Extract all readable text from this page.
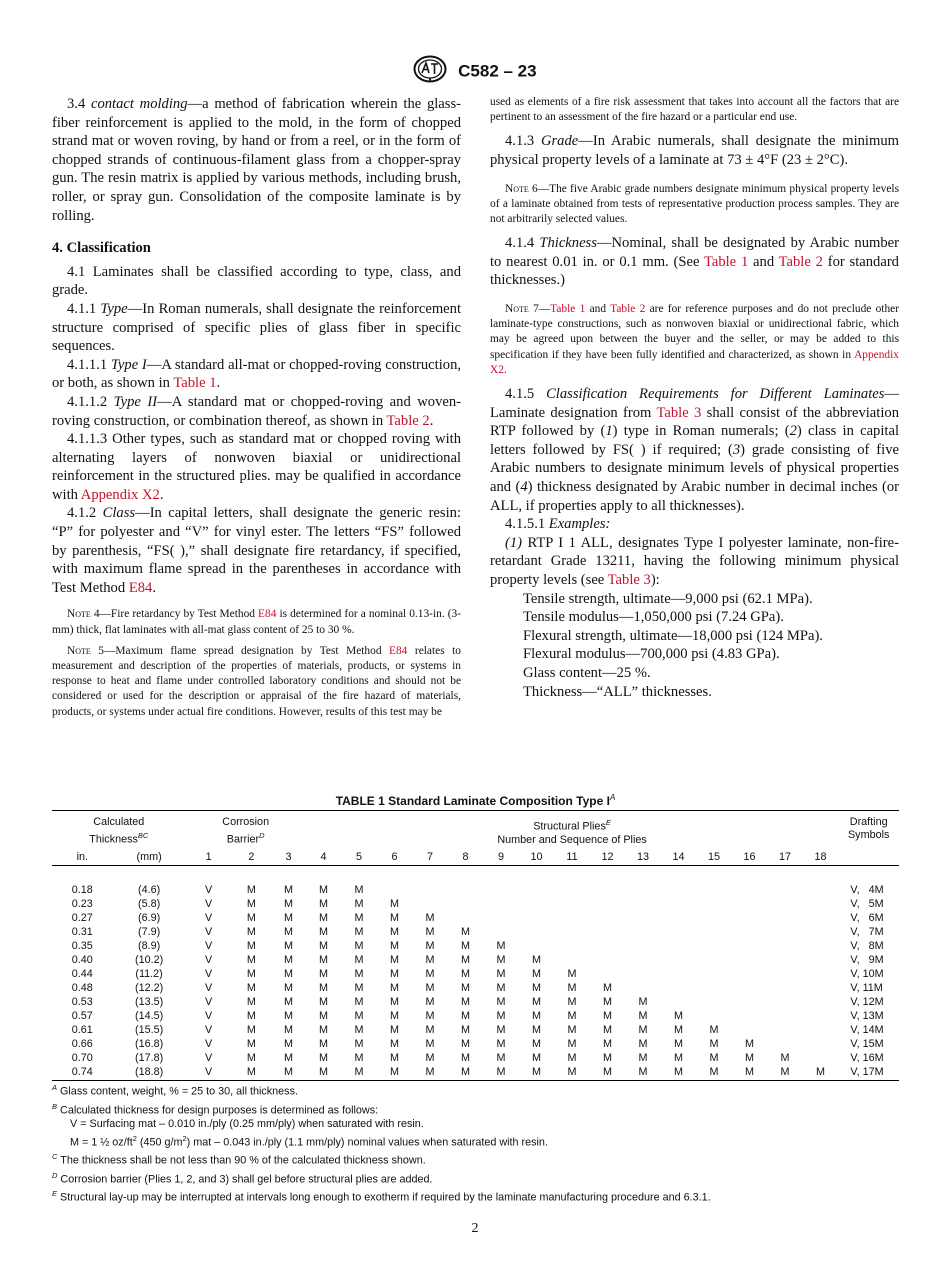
C582 – 23

3.4 contact molding—a method of fabrication wherein the glass-fiber reinforcement is applied to the mold, in the form of chopped strand mat or woven roving, by hand or from a reel, or in the form of chopped strands of continuous-filament glass from a chopper-spray gun. The resin matrix is applied by various methods, including brush, roller, or spray gun. Consolidation of the composite laminate is by rolling.

4. Classification

4.1 Laminates shall be classified according to type, class, and grade.

4.1.1 Type—In Roman numerals, shall designate the reinforcement structure comprised of specific plies of glass fiber in specific sequences.

4.1.1.1 Type I—A standard all-mat or chopped-roving construction, or both, as shown in Table 1.

4.1.1.2 Type II—A standard mat or chopped-roving and woven-roving construction, or combination thereof, as shown in Table 2.

4.1.1.3 Other types, such as standard mat or chopped roving with alternating layers of nonwoven biaxial or unidirectional reinforcement in the structured plies. may be qualified in accordance with Appendix X2.

4.1.2 Class—In capital letters, shall designate the generic resin: “P” for polyester and “V” for vinyl ester. The letters “FS” followed by parenthesis, “FS( ),” shall designate fire retardancy, if specified, with maximum flame spread in the parentheses in accordance with Test Method E84.

Note 4—Fire retardancy by Test Method E84 is determined for a nominal 0.13-in. (3-mm) thick, flat laminates with all-mat glass content of 25 to 30 %.

Note 5—Maximum flame spread designation by Test Method E84 relates to measurement and description of the properties of materials, products, or systems in response to heat and flame under controlled laboratory conditions and should not be considered or used for the description or appraisal of the fire hazard of materials, products, or systems under actual fire conditions. However, results of this test may be

used as elements of a fire risk assessment that takes into account all the factors that are pertinent to an assessment of the fire hazard or a particular end use.

4.1.3 Grade—In Arabic numerals, shall designate the minimum physical property levels of a laminate at 73 ± 4°F (23 ± 2°C).

Note 6—The five Arabic grade numbers designate minimum physical property levels of a laminate obtained from tests of representative production process samples. They are not arbitrarily selected values.

4.1.4 Thickness—Nominal, shall be designated by Arabic number to nearest 0.01 in. or 0.1 mm. (See Table 1 and Table 2 for standard thicknesses.)

Note 7—Table 1 and Table 2 are for reference purposes and do not preclude other laminate-type constructions, such as nonwoven biaxial or unidirectional fabric, which may be agreed upon between the buyer and the seller, or may be added to this specification if they have been fully identified and characterized, as shown in Appendix X2.

4.1.5 Classification Requirements for Different Laminates—Laminate designation from Table 3 shall consist of the abbreviation RTP followed by (1) type in Roman numerals; (2) class in capital letters followed by FS( ) if required; (3) grade consisting of five Arabic numbers to designate minimum levels of physical properties and (4) thickness designated by Arabic number in decimal inches (or ALL, if properties apply to all thicknesses).

4.1.5.1 Examples:

(1) RTP I 1 ALL, designates Type I polyester laminate, non-fire-retardant Grade 13211, having the following minimum physical property levels (see Table 3):

Tensile strength, ultimate—9,000 psi (62.1 MPa).

Tensile modulus—1,050,000 psi (7.24 GPa).

Flexural strength, ultimate—18,000 psi (124 MPa).

Flexural modulus—700,000 psi (4.83 GPa).

Glass content—25 %.

Thickness—“ALL” thicknesses.

TABLE 1 Standard Laminate Composition Type $I^A$
Calculated
Thickness$^{BC}$		Corrosion
Barrier$^D$			Structural Plies$^E$
Number and Sequence of Plies															Drafting
Symbols
in.	(mm)	1	2	3	4	5	6	7	8	9	10	11	12	13	14	15	16	17	18	

0.18	(4.6)	V	M	M	M	M														V,   4M
0.23	(5.8)	V	M	M	M	M	M													V,   5M
0.27	(6.9)	V	M	M	M	M	M	M												V,   6M
0.31	(7.9)	V	M	M	M	M	M	M	M											V,   7M
0.35	(8.9)	V	M	M	M	M	M	M	M	M										V,   8M
0.40	(10.2)	V	M	M	M	M	M	M	M	M	M									V,   9M
0.44	(11.2)	V	M	M	M	M	M	M	M	M	M	M								V, 10M
0.48	(12.2)	V	M	M	M	M	M	M	M	M	M	M	M							V, 11M
0.53	(13.5)	V	M	M	M	M	M	M	M	M	M	M	M	M						V, 12M
0.57	(14.5)	V	M	M	M	M	M	M	M	M	M	M	M	M	M					V, 13M
0.61	(15.5)	V	M	M	M	M	M	M	M	M	M	M	M	M	M	M				V, 14M
0.66	(16.8)	V	M	M	M	M	M	M	M	M	M	M	M	M	M	M	M			V, 15M
0.70	(17.8)	V	M	M	M	M	M	M	M	M	M	M	M	M	M	M	M	M		V, 16M
0.74	(18.8)	V	M	M	M	M	M	M	M	M	M	M	M	M	M	M	M	M	M	V, 17M

$^A$ Glass content, weight, % = 25 to 30, all thickness.

$^B$ Calculated thickness for design purposes is determined as follows:

V = Surfacing mat – 0.010 in./ply (0.25 mm/ply) when saturated with resin.

M = 1 ½ $oz/ft^2$ (450 $g/m^2$) mat – 0.043 in./ply (1.1 mm/ply) nominal values when saturated with resin.

$^C$ The thickness shall be not less than 90 % of the calculated thickness shown.

$^D$ Corrosion barrier (Plies 1, 2, and 3) shall gel before structural plies are added.

$^E$ Structural lay-up may be interrupted at intervals long enough to exotherm if required by the laminate manufacturing procedure and 6.3.1.

2
